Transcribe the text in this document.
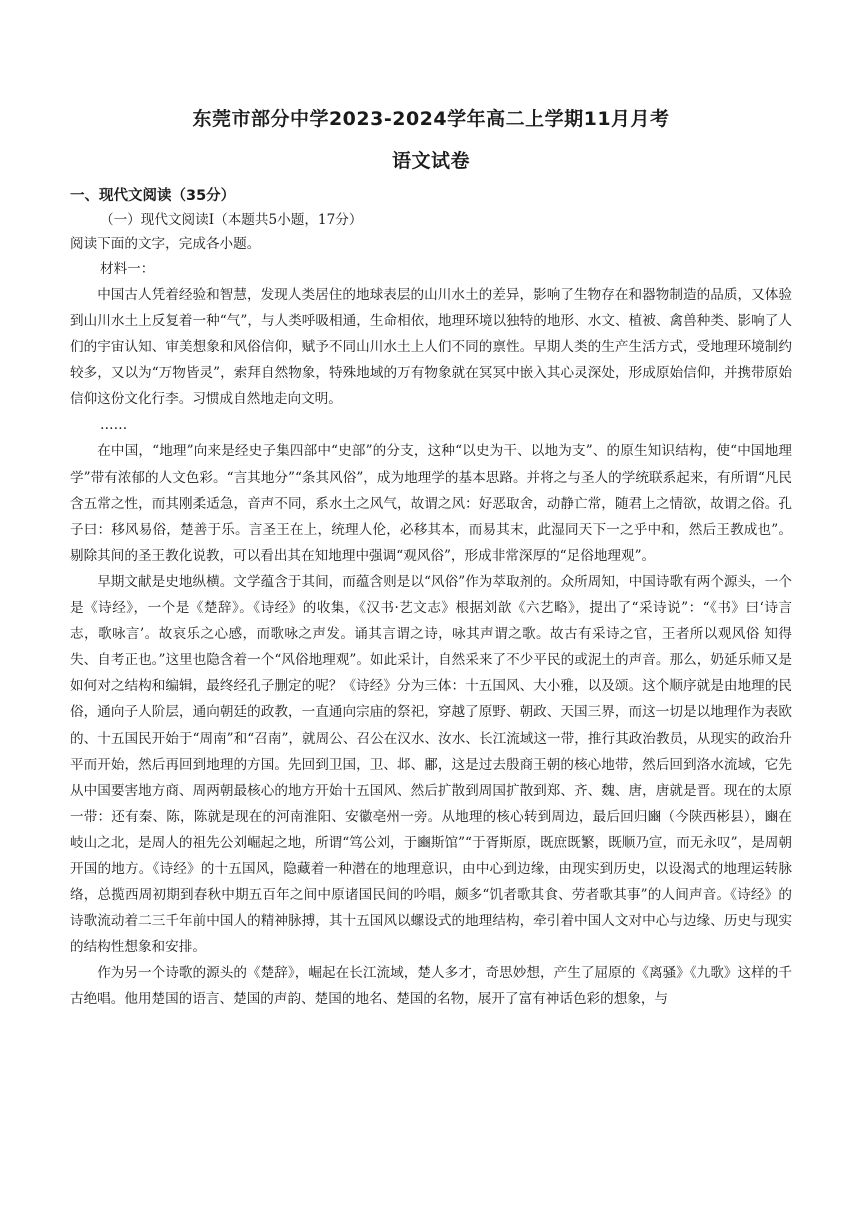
东莞市部分中学2023-2024学年高二上学期11月月考
语文试卷
一、现代文阅读（35分）
（一）现代文阅读Ⅰ（本题共5小题，17分）
阅读下面的文字，完成各小题。
材料一：

中国古人凭着经验和智慧，发现人类居住的地球表层的山川水土的差异，影响了生物存在和器物制造的品质，又体验到山川水土上反复着一种“气”，与人类呼吸相通，生命相依，地理环境以独特的地形、水文、植被、禽兽种类、影响了人们的宇宙认知、审美想象和风俗信仰，赋予不同山川水土上人们不同的禀性。早期人类的生产生活方式，受地理环境制约较多，又以为“万物皆灵”，索拜自然物象，特殊地域的万有物象就在冥冥中嵌入其心灵深处，形成原始信仰，并携带原始信仰这份文化行李。习惯成自然地走向文明。

……

在中国，“地理”向来是经史子集四部中“史部”的分支，这种“以史为干、以地为支”、的原生知识结构，使“中国地理学”带有浓郁的人文色彩。“言其地分”“条其风俗”，成为地理学的基本思路。并将之与圣人的学统联系起来，有所谓“凡民含五常之性，而其刚柔适急，音声不同，系水土之风气，故谓之风：好恶取舍，动静亡常，随君上之情欲，故谓之俗。孔子曰：移风易俗，楚善于乐。言圣王在上，统理人伦，必移其本，而易其末，此湿同天下一之乎中和，然后王教成也”。剔除其间的圣王教化说教，可以看出其在知地理中强调“观风俗”，形成非常深厚的“足俗地理观”。

早期文献是史地纵横。文学蕴含于其间，而蕴含则是以“风俗”作为萃取剂的。众所周知，中国诗歌有两个源头，一个是《诗经》，一个是《楚辞》。《诗经》的收集，《汉书·艺文志》根据刘歆《六艺略》，提出了“采诗说”：“《书》曰‘诗言志，歌咏言’。故哀乐之心感，而歌咏之声发。诵其言谓之诗，咏其声谓之歌。故古有采诗之官，王者所以观风俗 知得失、自考正也。”这里也隐含着一个“风俗地理观”。如此采计，自然采来了不少平民的或泥土的声音。那么，奶延乐师又是如何对之结构和编辑，最终经孔子删定的呢？《诗经》分为三体：十五国风、大小雅，以及颂。这个顺序就是由地理的民俗，通向子人阶层，通向朝廷的政教，一直通向宗庙的祭祀，穿越了原野、朝政、天国三界，而这一切是以地理作为表欧的、十五国民开始于“周南”和“召南”，就周公、召公在汉水、汝水、长江流域这一带，推行其政治教员，从现实的政治升平而开始，然后再回到地理的方国。先回到卫国，卫、邶、鄘，这是过去殷商王朝的核心地带，然后回到洛水流域，它先从中国要害地方商、周两朝最核心的地方开始十五国风、然后扩散到周国扩散到郑、齐、魏、唐，唐就是晋。现在的太原一带：还有秦、陈，陈就是现在的河南淮阳、安徽亳州一旁。从地理的核心转到周边，最后回归豳（今陕西彬县），豳在岐山之北，是周人的祖先公刘崛起之地，所谓“笃公刘，于豳斯馆”“于胥斯原，既庶既繁，既顺乃宣，而无永叹”，是周朝开国的地方。《诗经》的十五国风，隐藏着一种潜在的地理意识，由中心到边缘，由现实到历史，以设渴式的地理运转脉络，总揽西周初期到春秋中期五百年之间中原诸国民间的吟唱，颇多“饥者歌其食、劳者歌其事”的人间声音。《诗经》的诗歌流动着二三千年前中国人的精神脉搏，其十五国风以螺设式的地理结构，牵引着中国人文对中心与边缘、历史与现实的结构性想象和安排。

作为另一个诗歌的源头的《楚辞》，崛起在长江流域，楚人多才，奇思妙想，产生了屈原的《离骚》《九歌》这样的千古绝唱。他用楚国的语言、楚国的声韵、楚国的地名、楚国的名物，展开了富有神话色彩的想象，与
